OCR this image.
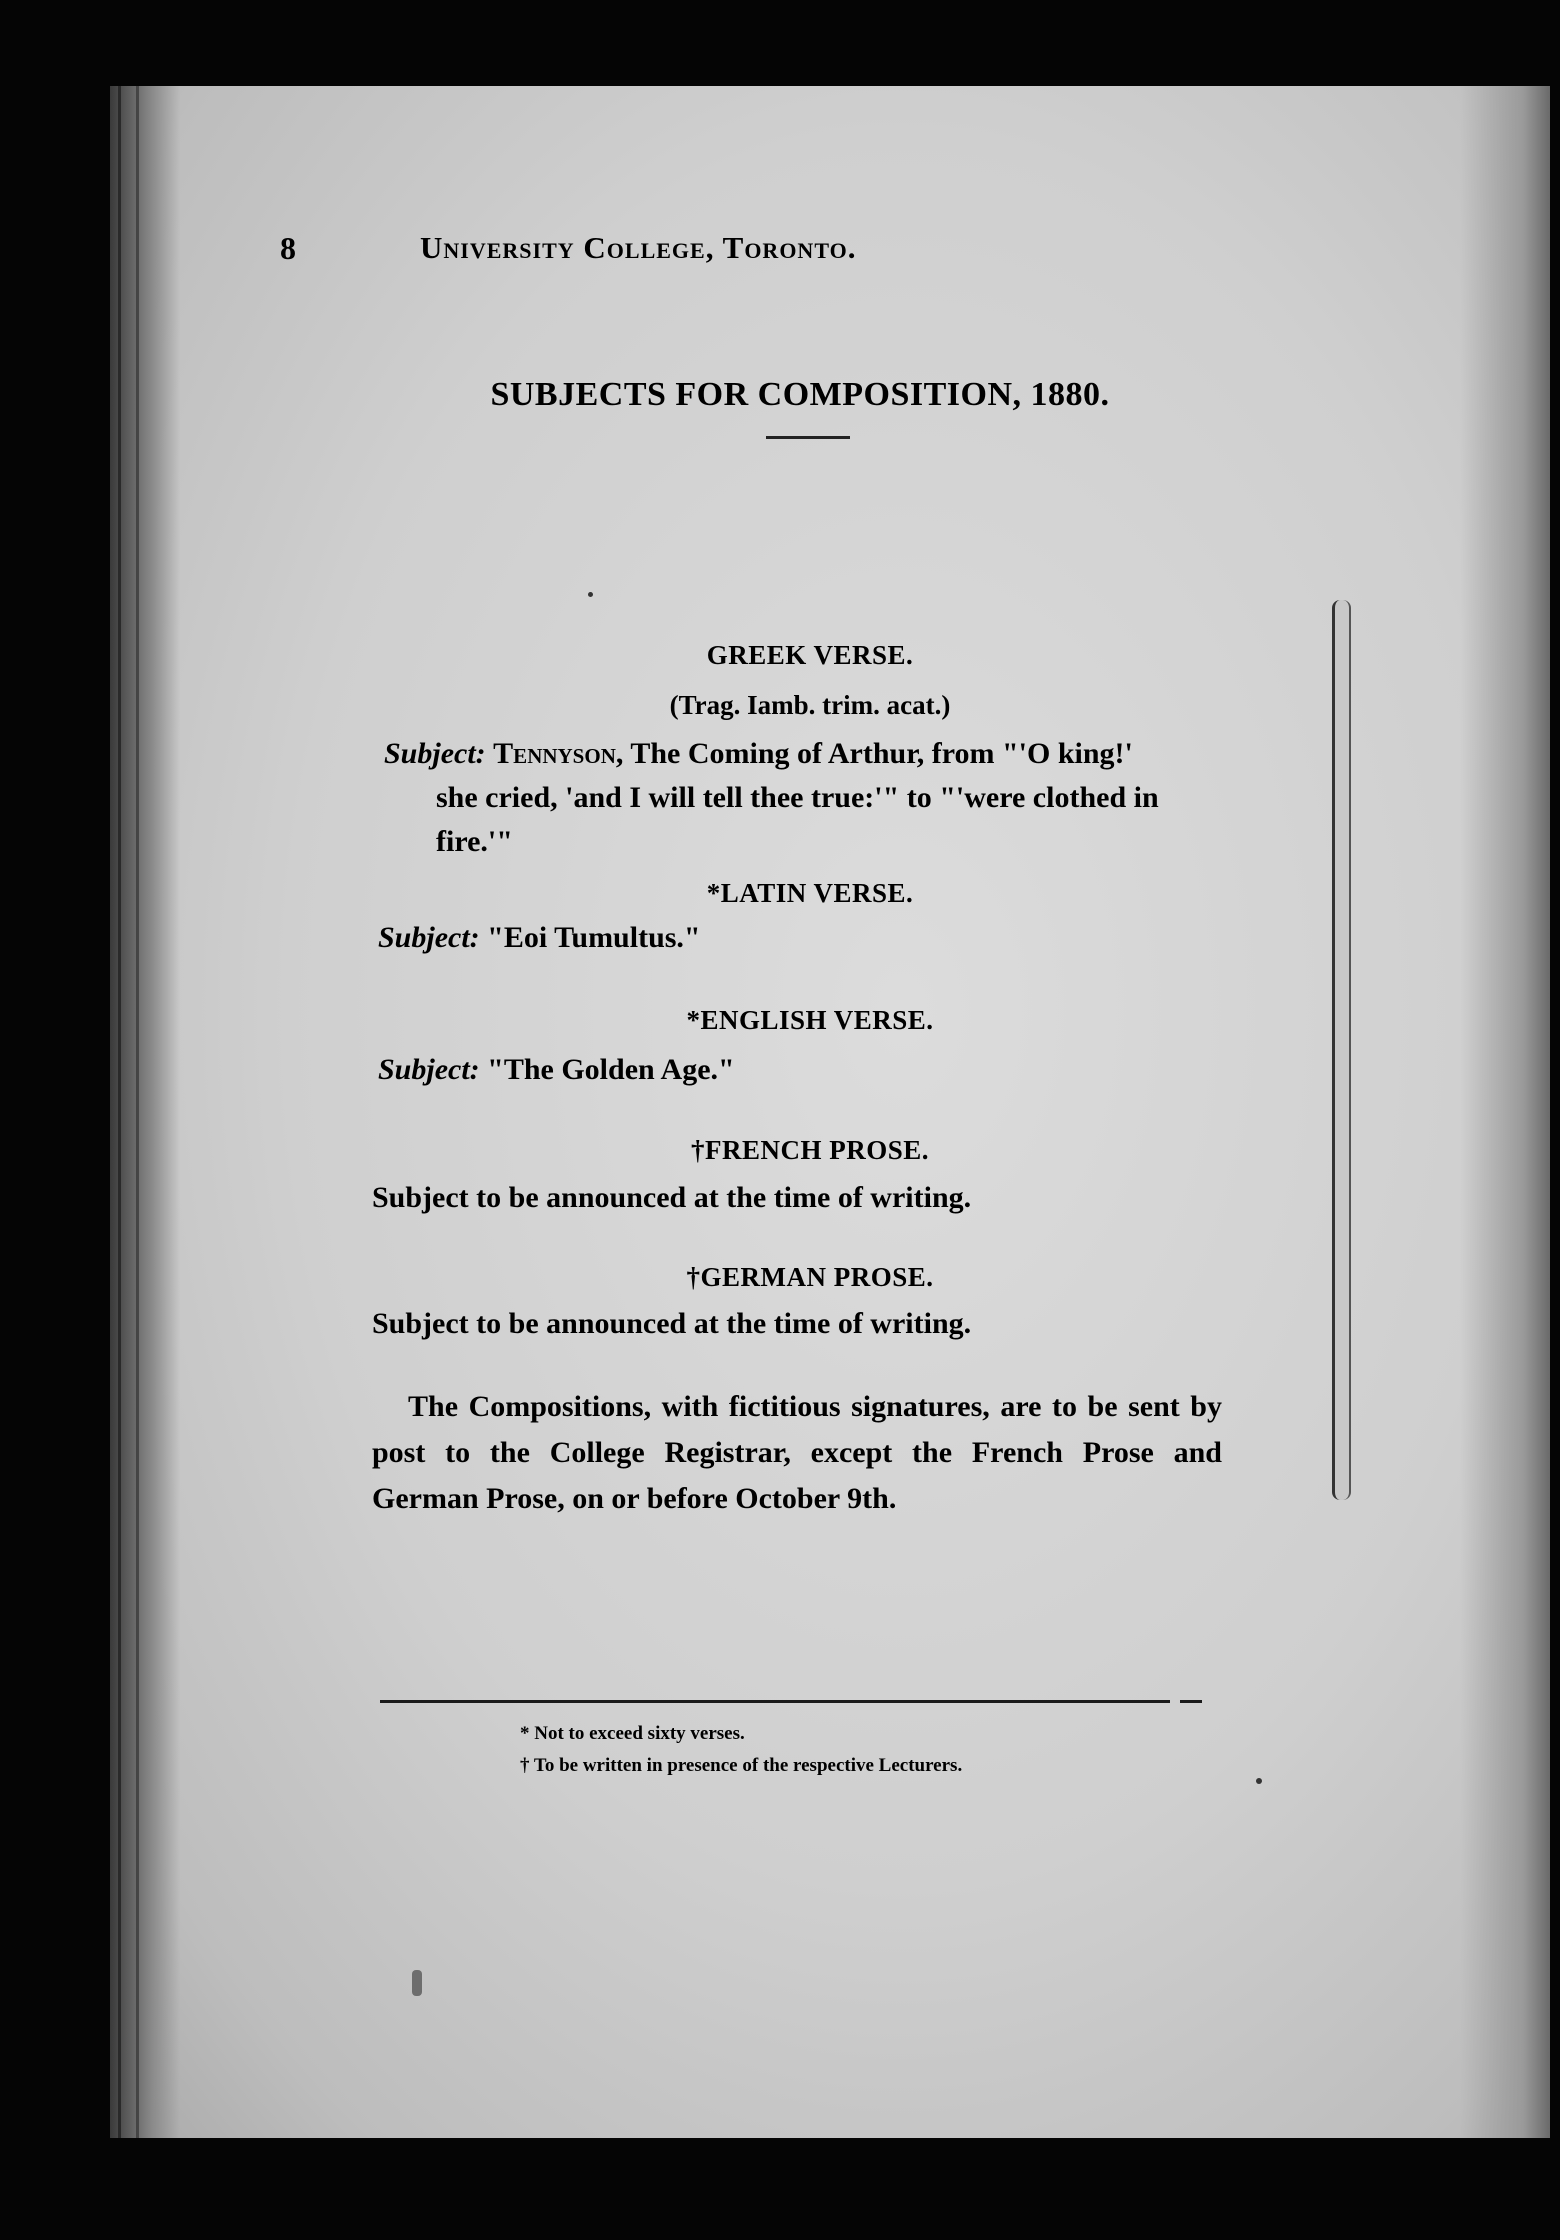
8	University College, Toronto.
SUBJECTS FOR COMPOSITION, 1880.
GREEK VERSE.
(Trag. Iamb. trim. acat.)
Subject: Tennyson, The Coming of Arthur, from "'O king!'
she cried, 'and I will tell thee true:'" to "'were clothed in
fire.'"
*LATIN VERSE.
Subject: "Eoi Tumultus."
*ENGLISH VERSE.
Subject: "The Golden Age."
†FRENCH PROSE.
Subject to be announced at the time of writing.
†GERMAN PROSE.
Subject to be announced at the time of writing.
The Compositions, with fictitious signatures, are to be sent by post to the College Registrar, except the French Prose and German Prose, on or before October 9th.
* Not to exceed sixty verses.
† To be written in presence of the respective Lecturers.
